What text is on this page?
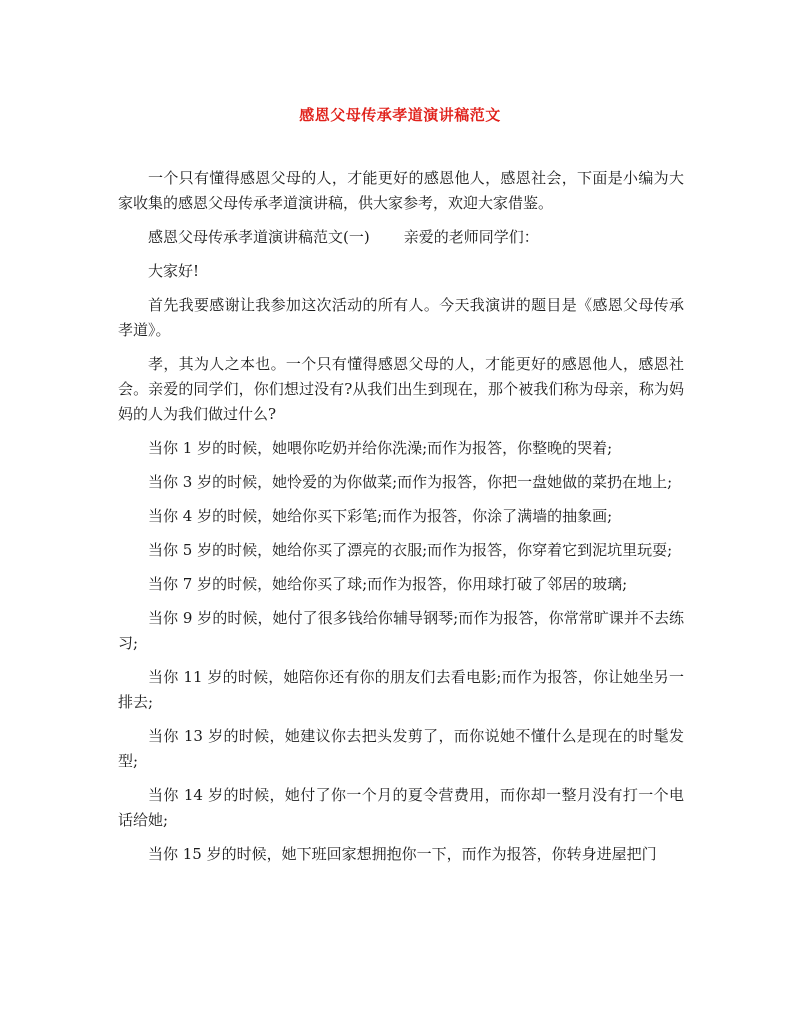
感恩父母传承孝道演讲稿范文

一个只有懂得感恩父母的人，才能更好的感恩他人，感恩社会，下面是小编为大家收集的感恩父母传承孝道演讲稿，供大家参考，欢迎大家借鉴。

感恩父母传承孝道演讲稿范文(一) 亲爱的老师同学们：

大家好!

首先我要感谢让我参加这次活动的所有人。今天我演讲的题目是《感恩父母传承孝道》。

孝，其为人之本也。一个只有懂得感恩父母的人，才能更好的感恩他人，感恩社会。亲爱的同学们，你们想过没有?从我们出生到现在，那个被我们称为母亲，称为妈妈的人为我们做过什么?

当你 1 岁的时候，她喂你吃奶并给你洗澡;而作为报答，你整晚的哭着;

当你 3 岁的时候，她怜爱的为你做菜;而作为报答，你把一盘她做的菜扔在地上;

当你 4 岁的时候，她给你买下彩笔;而作为报答，你涂了满墙的抽象画;

当你 5 岁的时候，她给你买了漂亮的衣服;而作为报答，你穿着它到泥坑里玩耍;

当你 7 岁的时候，她给你买了球;而作为报答，你用球打破了邻居的玻璃;

当你 9 岁的时候，她付了很多钱给你辅导钢琴;而作为报答，你常常旷课并不去练习;

当你 11 岁的时候，她陪你还有你的朋友们去看电影;而作为报答，你让她坐另一排去;

当你 13 岁的时候，她建议你去把头发剪了，而你说她不懂什么是现在的时髦发型;

当你 14 岁的时候，她付了你一个月的夏令营费用，而你却一整月没有打一个电话给她;

当你 15 岁的时候，她下班回家想拥抱你一下，而作为报答，你转身进屋把门
